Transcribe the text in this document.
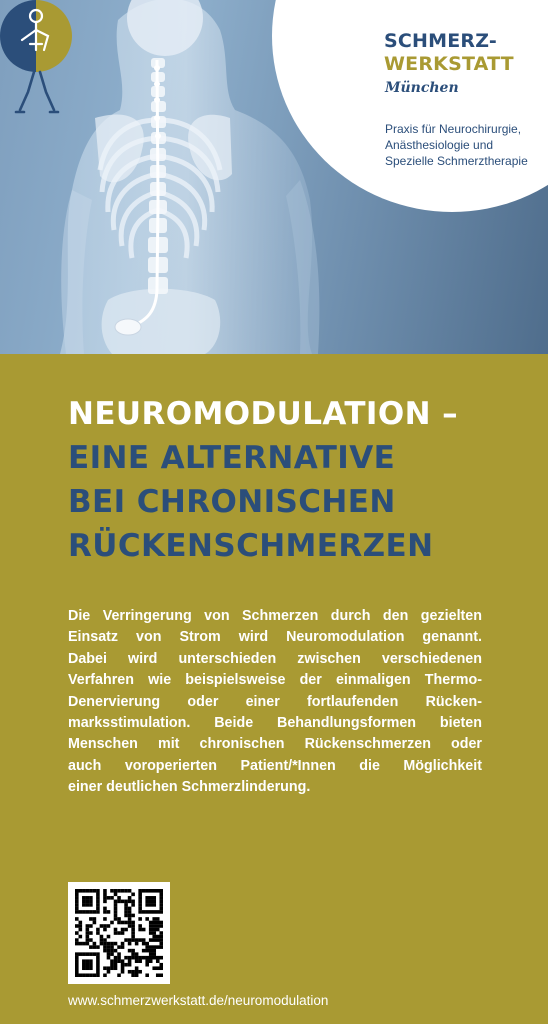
SCHMERZ-
WERKSTATT
München
Praxis für Neurochirurgie,
Anästhesiologie und
Spezielle Schmerztherapie
NEUROMODULATION –
EINE ALTERNATIVE
BEI CHRONISCHEN
RÜCKENSCHMERZEN
Die Verringerung von Schmerzen durch den gezielten
Einsatz von Strom wird Neuromodulation genannt.
Dabei wird unterschieden zwischen verschiedenen
Verfahren wie beispielsweise der einmaligen Thermo-
Denervierung oder einer fortlaufenden Rücken-
marksstimulation. Beide Behandlungsformen bieten
Menschen mit chronischen Rückenschmerzen oder
auch voroperierten Patient/*Innen die Möglichkeit
einer deutlichen Schmerzlinderung.
www.schmerzwerkstatt.de/neuromodulation
